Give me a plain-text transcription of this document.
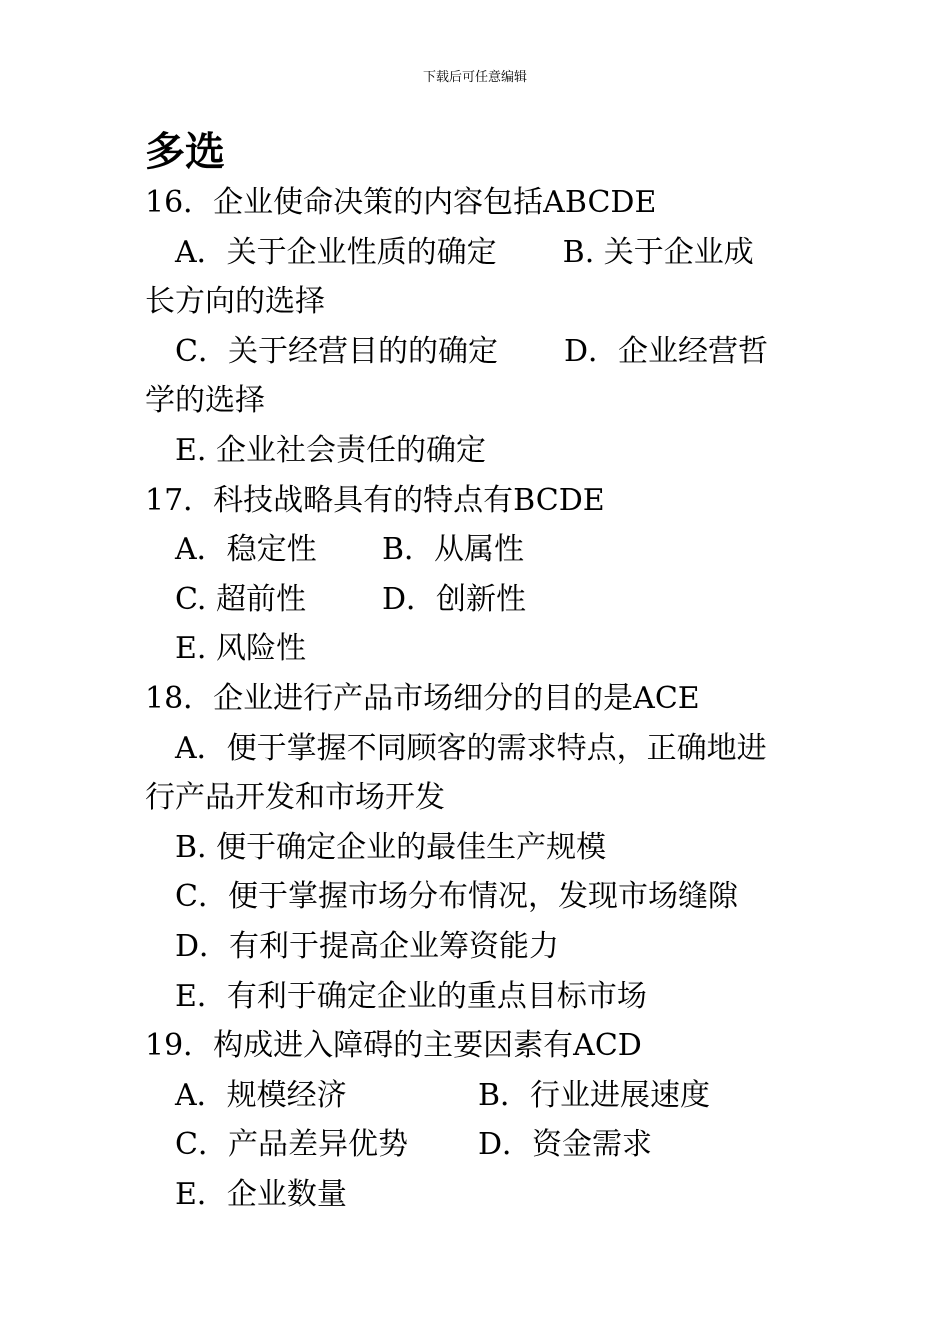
下载后可任意编辑
多选
16．企业使命决策的内容包括ABCDE
A．关于企业性质的确定 B. 关于企业成
长方向的选择
C．关于经营目的的确定 D．企业经营哲
学的选择
E. 企业社会责任的确定
17．科技战略具有的特点有BCDE
A．稳定性 B．从属性
C. 超前性	D．创新性
E. 风险性
18．企业进行产品市场细分的目的是ACE
A．便于掌握不同顾客的需求特点，正确地进
行产品开发和市场开发
B. 便于确定企业的最佳生产规模
C．便于掌握市场分布情况，发现市场缝隙
D．有利于提高企业筹资能力
E．有利于确定企业的重点目标市场
19．构成进入障碍的主要因素有ACD
A．规模经济	B．行业进展速度
C．产品差异优势 D．资金需求
E．企业数量
